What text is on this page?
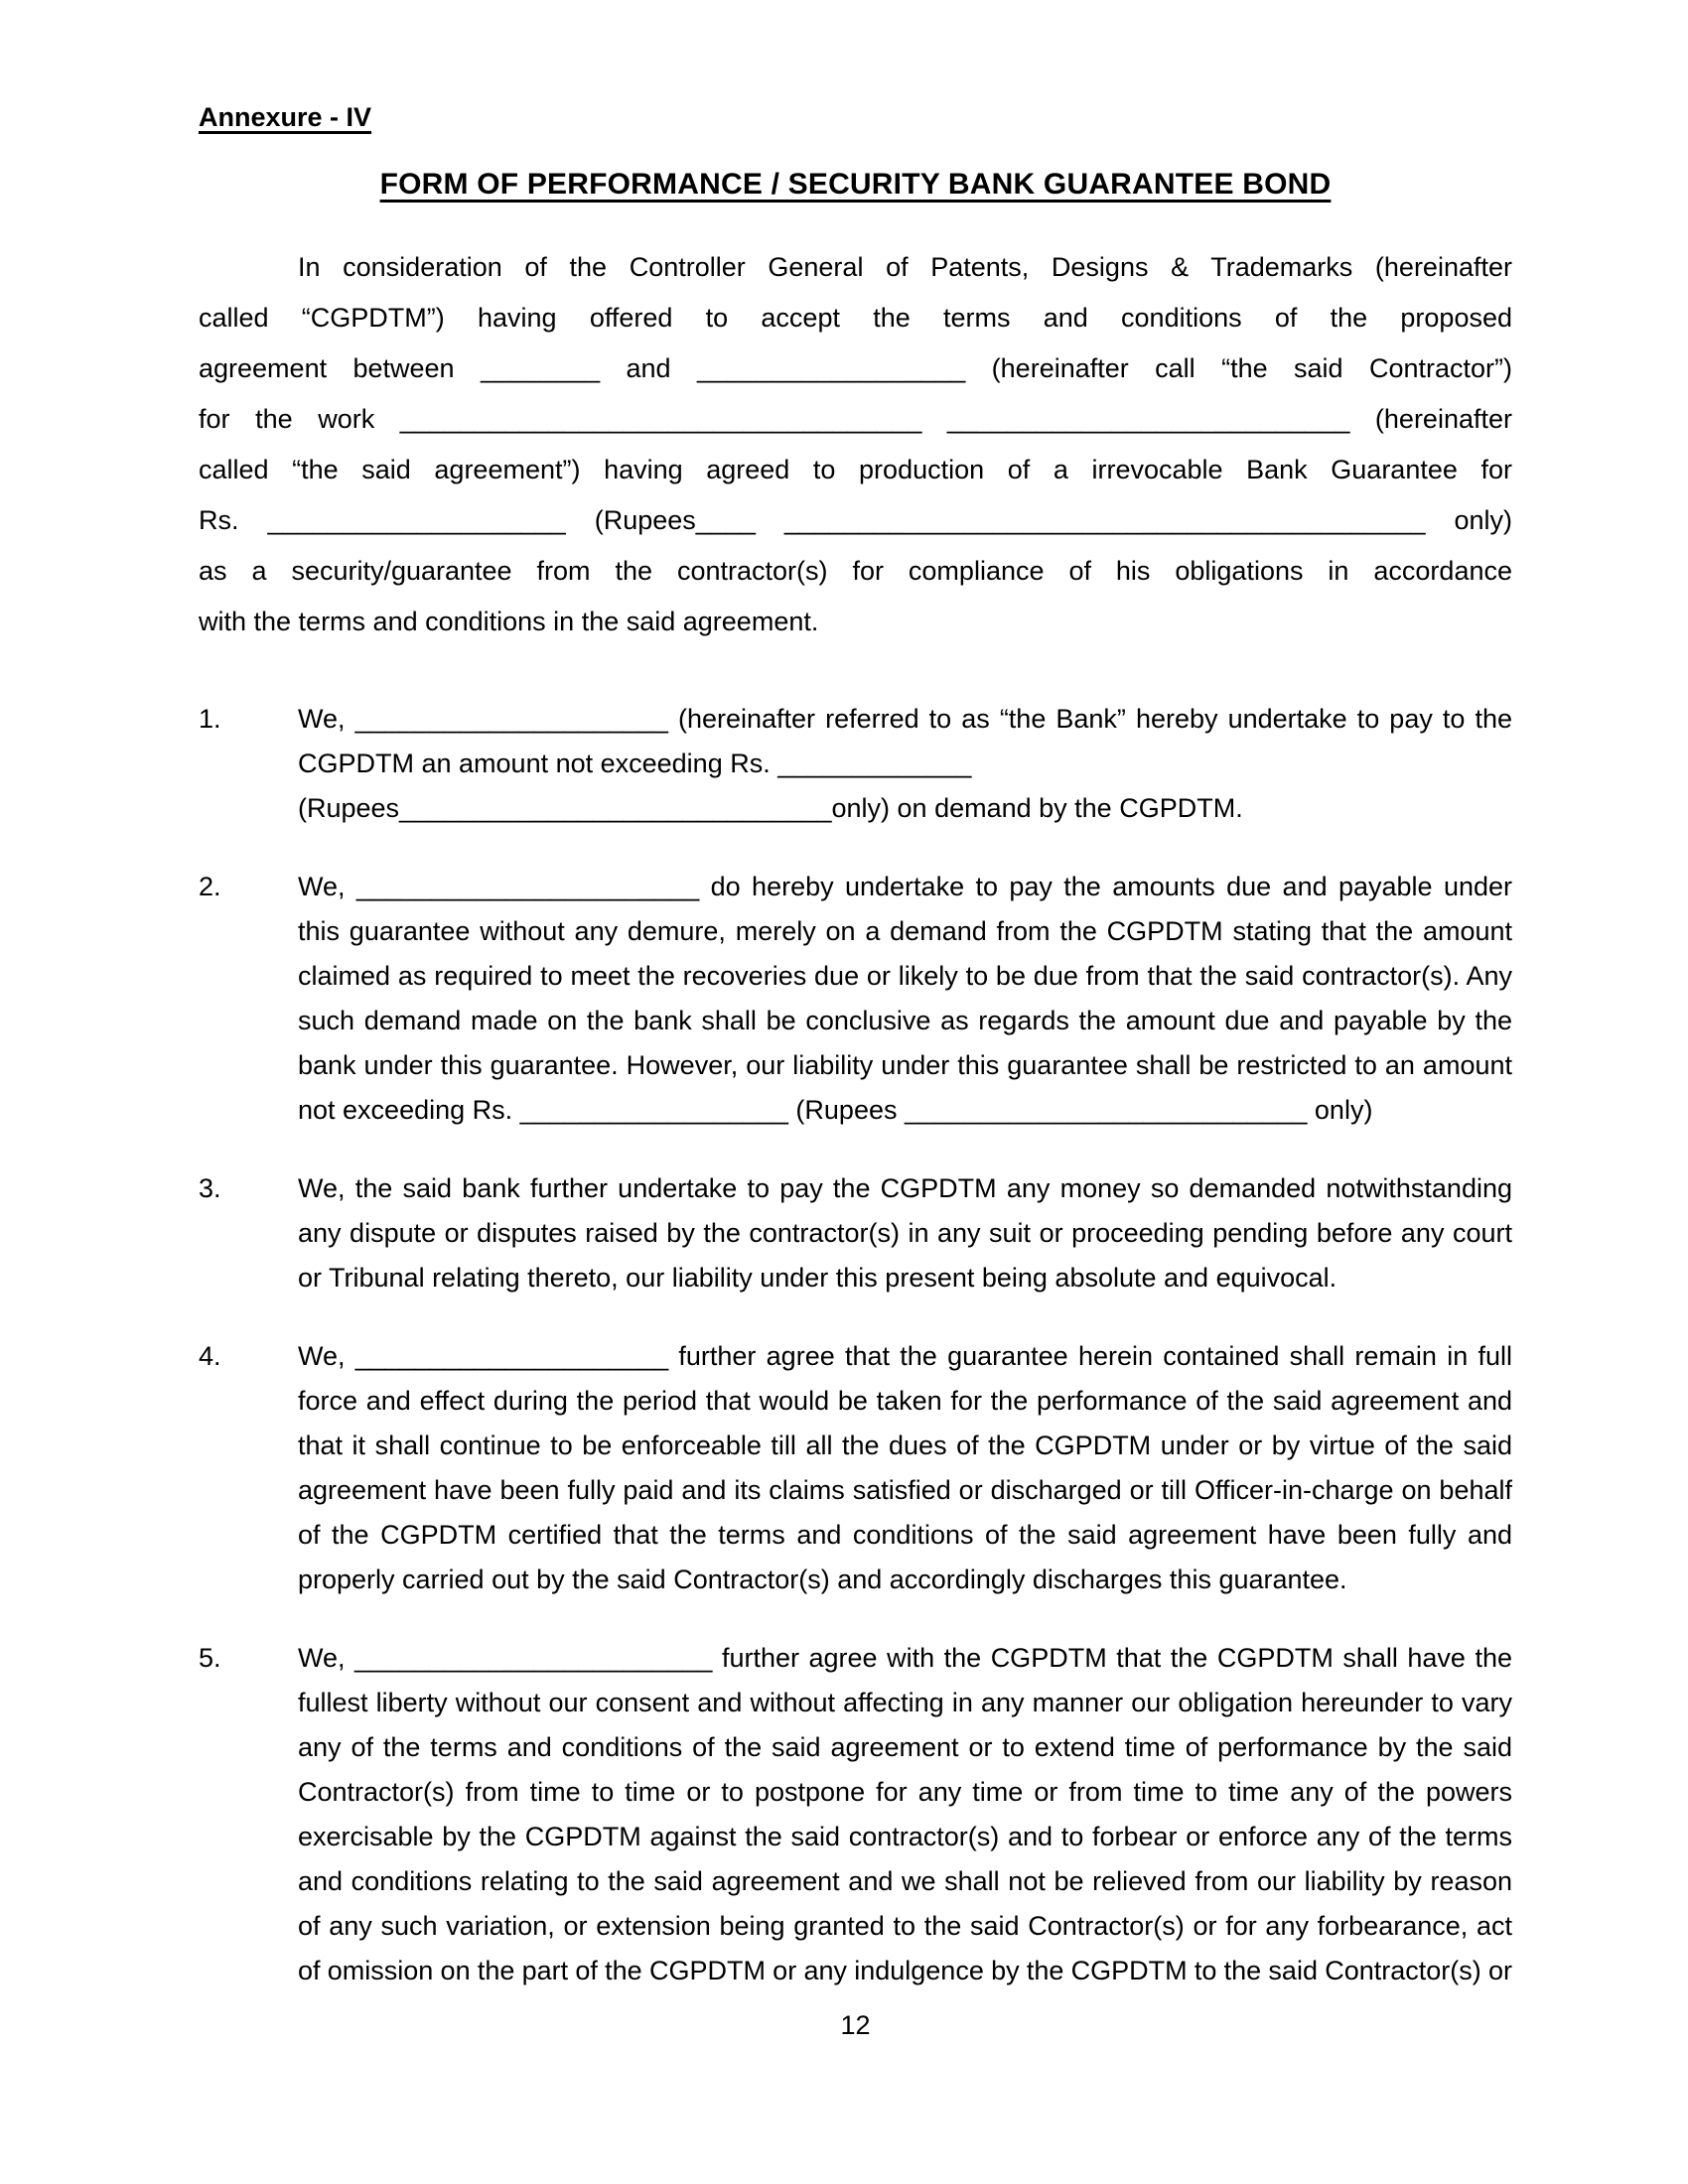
Annexure - IV
FORM OF PERFORMANCE / SECURITY BANK GUARANTEE BOND
In consideration of the Controller General of Patents, Designs & Trademarks (hereinafter
called “CGPDTM”) having offered to accept the terms and conditions of the proposed
agreement between ________ and __________________ (hereinafter call “the said Contractor”)
for the work ___________________________________ ___________________________ (hereinafter
called “the said agreement”) having agreed to production of a irrevocable Bank Guarantee for
Rs. ____________________ (Rupees____ ___________________________________________ only)
as a security/guarantee from the contractor(s) for compliance of his obligations in accordance
with the terms and conditions in the said agreement.
1.	We, _____________________ (hereinafter referred to as “the Bank” hereby undertake to pay to the
CGPDTM an amount not exceeding Rs. _____________
(Rupees_____________________________only) on demand by the CGPDTM.
2.	We, _______________________ do hereby undertake to pay the amounts due and payable under
this guarantee without any demure, merely on a demand from the CGPDTM stating that the amount
claimed as required to meet the recoveries due or likely to be due from that the said contractor(s). Any
such demand made on the bank shall be conclusive as regards the amount due and payable by the
bank under this guarantee. However, our liability under this guarantee shall be restricted to an amount
not exceeding Rs. __________________ (Rupees ___________________________ only)
3.	We, the said bank further undertake to pay the CGPDTM any money so demanded notwithstanding
any dispute or disputes raised by the contractor(s) in any suit or proceeding pending before any court
or Tribunal relating thereto, our liability under this present being absolute and equivocal.
4.	We, _____________________ further agree that the guarantee herein contained shall remain in full
force and effect during the period that would be taken for the performance of the said agreement and
that it shall continue to be enforceable till all the dues of the CGPDTM under or by virtue of the said
agreement have been fully paid and its claims satisfied or discharged or till Officer-in-charge on behalf
of the CGPDTM certified that the terms and conditions of the said agreement have been fully and
properly carried out by the said Contractor(s) and accordingly discharges this guarantee.
5.	We, ________________________ further agree with the CGPDTM that the CGPDTM shall have the
fullest liberty without our consent and without affecting in any manner our obligation hereunder to vary
any of the terms and conditions of the said agreement or to extend time of performance by the said
Contractor(s) from time to time or to postpone for any time or from time to time any of the powers
exercisable by the CGPDTM against the said contractor(s) and to forbear or enforce any of the terms
and conditions relating to the said agreement and we shall not be relieved from our liability by reason
of any such variation, or extension being granted to the said Contractor(s) or for any forbearance, act
of omission on the part of the CGPDTM or any indulgence by the CGPDTM to the said Contractor(s) or
12
